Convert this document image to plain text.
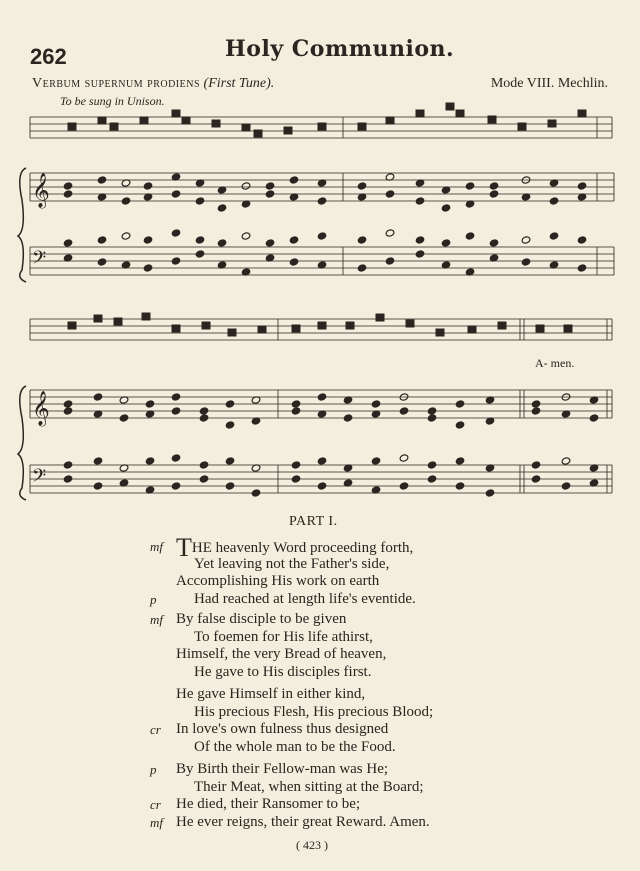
262	Holy Communion.
Verbum supernum prodiens (First Tune).	Mode VIII. Mechlin.
To be sung in Unison.
𝄞
𝄢
𝄞
𝄢
A- men.
PART I.
mf THE heavenly Word proceeding forth,
Yet leaving not the Father's side,
Accomplishing His work on earth
p	Had reached at length life's eventide.
mf By false disciple to be given
To foemen for His life athirst,
Himself, the very Bread of heaven,
He gave to His disciples first.
He gave Himself in either kind,
His precious Flesh, His precious Blood;
cr In love's own fulness thus designed
Of the whole man to be the Food.
p By Birth their Fellow-man was He;
Their Meat, when sitting at the Board;
cr He died, their Ransomer to be;
mf He ever reigns, their great Reward. Amen.
( 423 )
